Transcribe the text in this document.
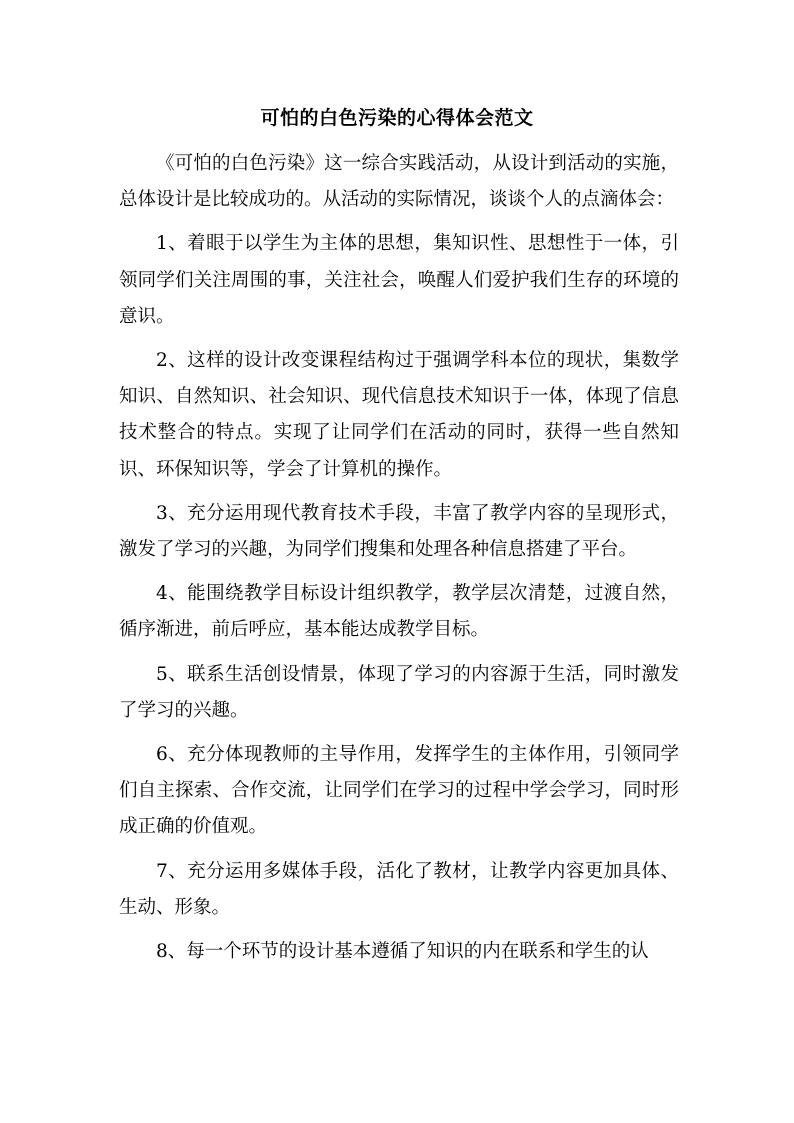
可怕的白色污染的心得体会范文

《可怕的白色污染》这一综合实践活动，从设计到活动的实施，总体设计是比较成功的。从活动的实际情况，谈谈个人的点滴体会：

1、着眼于以学生为主体的思想，集知识性、思想性于一体，引领同学们关注周围的事，关注社会，唤醒人们爱护我们生存的环境的意识。

2、这样的设计改变课程结构过于强调学科本位的现状，集数学知识、自然知识、社会知识、现代信息技术知识于一体，体现了信息技术整合的特点。实现了让同学们在活动的同时，获得一些自然知识、环保知识等，学会了计算机的操作。

3、充分运用现代教育技术手段，丰富了教学内容的呈现形式，激发了学习的兴趣，为同学们搜集和处理各种信息搭建了平台。

4、能围绕教学目标设计组织教学，教学层次清楚，过渡自然，循序渐进，前后呼应，基本能达成教学目标。

5、联系生活创设情景，体现了学习的内容源于生活，同时激发了学习的兴趣。

6、充分体现教师的主导作用，发挥学生的主体作用，引领同学们自主探索、合作交流，让同学们在学习的过程中学会学习，同时形成正确的价值观。

7、充分运用多媒体手段，活化了教材，让教学内容更加具体、生动、形象。

8、每一个环节的设计基本遵循了知识的内在联系和学生的认
